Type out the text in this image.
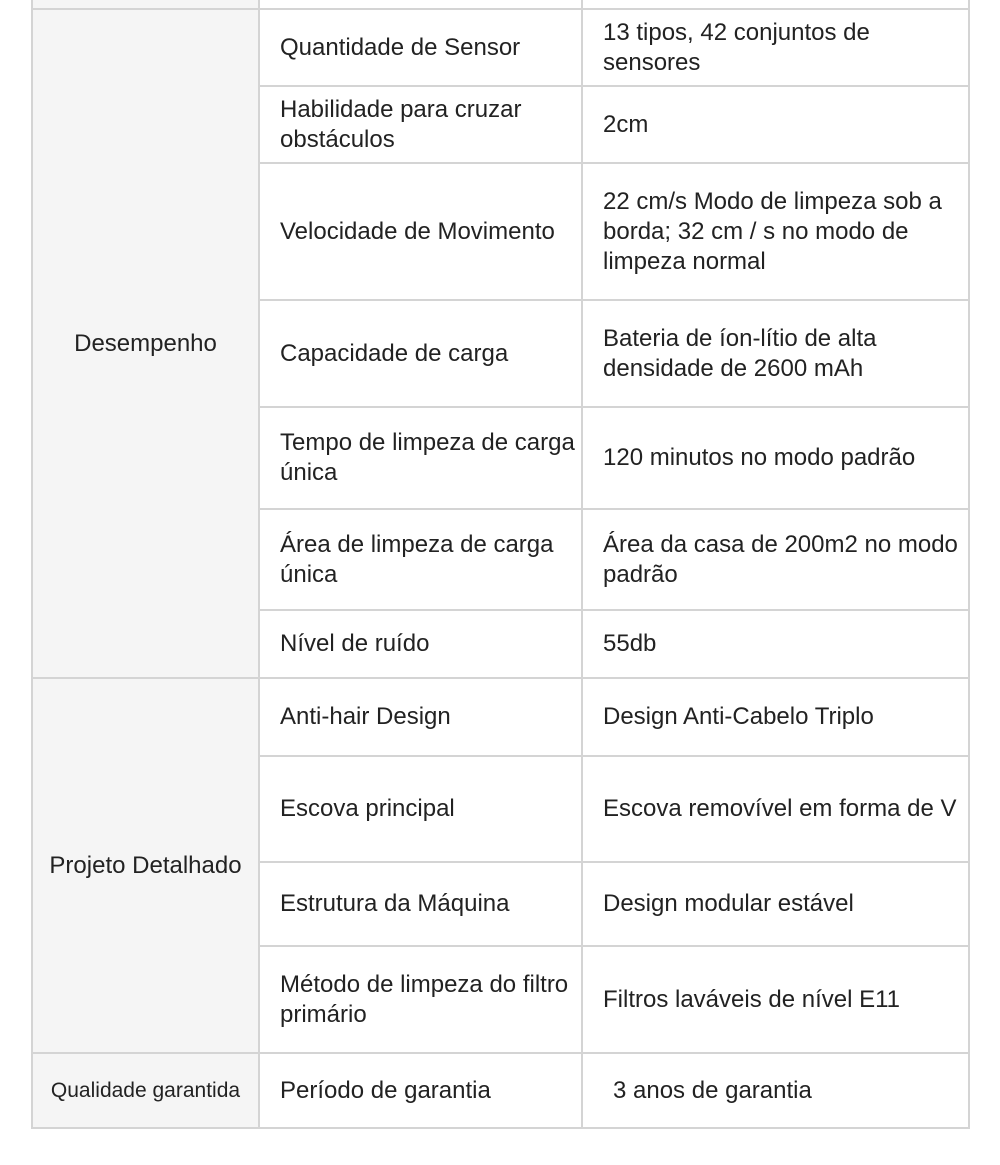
Desempenho	Quantidade de Sensor	13 tipos, 42 conjuntos de sensores
	Habilidade para cruzar obstáculos	2cm
	Velocidade de Movimento	22 cm/s Modo de limpeza sob a borda; 32 cm / s no modo de limpeza normal
	Capacidade de carga	Bateria de íon-lítio de alta densidade de 2600 mAh
	Tempo de limpeza de carga única	120 minutos no modo padrão
	Área de limpeza de carga única	Área da casa de 200m2 no modo padrão
	Nível de ruído	55db
Projeto Detalhado	Anti-hair Design	Design Anti-Cabelo Triplo
	Escova principal	Escova removível em forma de V
	Estrutura da Máquina	Design modular estável
	Método de limpeza do filtro primário	Filtros laváveis de nível E11
Qualidade garantida	Período de garantia	3 anos de garantia
